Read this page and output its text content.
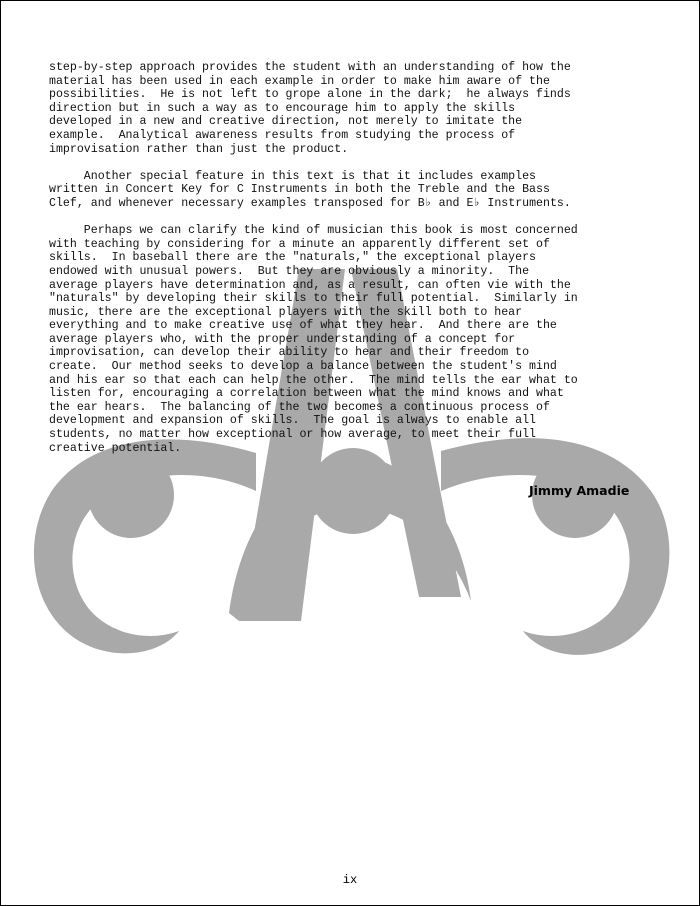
step-by-step approach provides the student with an understanding of how the
material has been used in each example in order to make him aware of the
possibilities.  He is not left to grope alone in the dark;  he always finds
direction but in such a way as to encourage him to apply the skills
developed in a new and creative direction, not merely to imitate the
example.  Analytical awareness results from studying the process of
improvisation rather than just the product.

Another special feature in this text is that it includes examples
written in Concert Key for C Instruments in both the Treble and the Bass
Clef, and whenever necessary examples transposed for B♭ and E♭ Instruments.

Perhaps we can clarify the kind of musician this book is most concerned
with teaching by considering for a minute an apparently different set of
skills.  In baseball there are the "naturals," the exceptional players
endowed with unusual powers.  But they are obviously a minority.  The
average players have determination and, as a result, can often vie with the
"naturals" by developing their skills to their full potential.  Similarly in
music, there are the exceptional players with the skill both to hear
everything and to make creative use of what they hear.  And there are the
average players who, with the proper understanding of a concept for
improvisation, can develop their ability to hear and their freedom to
create.  Our method seeks to develop a balance between the student's mind
and his ear so that each can help the other.  The mind tells the ear what to
listen for, encouraging a correlation between what the mind knows and what
the ear hears.  The balancing of the two becomes a continuous process of
development and expansion of skills.  The goal is always to enable all
students, no matter how exceptional or how average, to meet their full
creative potential.

Jimmy Amadie
ix
